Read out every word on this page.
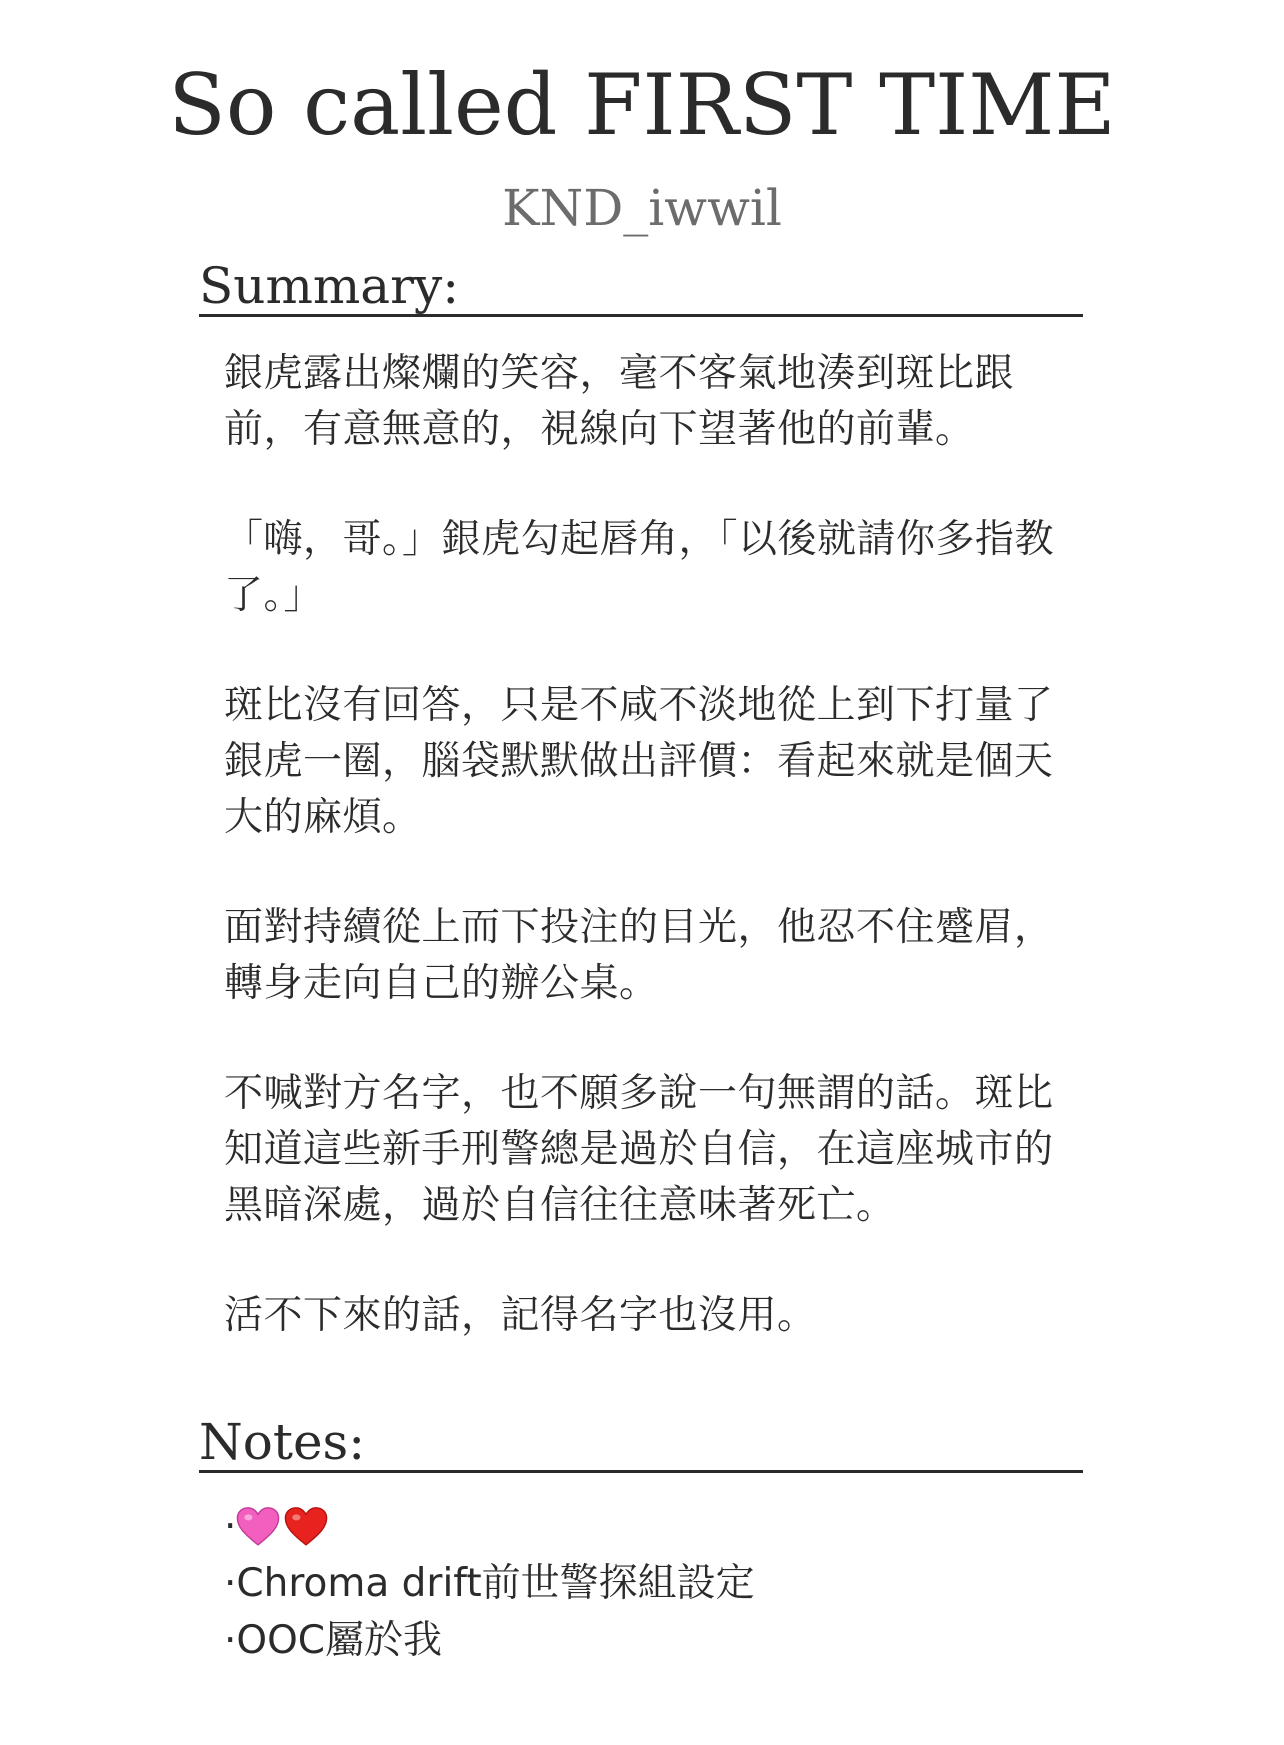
So called FIRST TIME
KND_iwwil
Summary:

銀虎露出燦爛的笑容，毫不客氣地湊到斑比跟前，有意無意的，視線向下望著他的前輩。

「嗨，哥。」銀虎勾起唇角，「以後就請你多指教了。」

斑比沒有回答，只是不咸不淡地從上到下打量了銀虎一圈，腦袋默默做出評價：看起來就是個天大的麻煩。

面對持續從上而下投注的目光，他忍不住蹙眉，轉身走向自己的辦公桌。

不喊對方名字，也不願多說一句無謂的話。斑比知道這些新手刑警總是過於自信，在這座城市的黑暗深處，過於自信往往意味著死亡。

活不下來的話，記得名字也沒用。

Notes:
·
·Chroma drift前世警探組設定
·OOC屬於我
